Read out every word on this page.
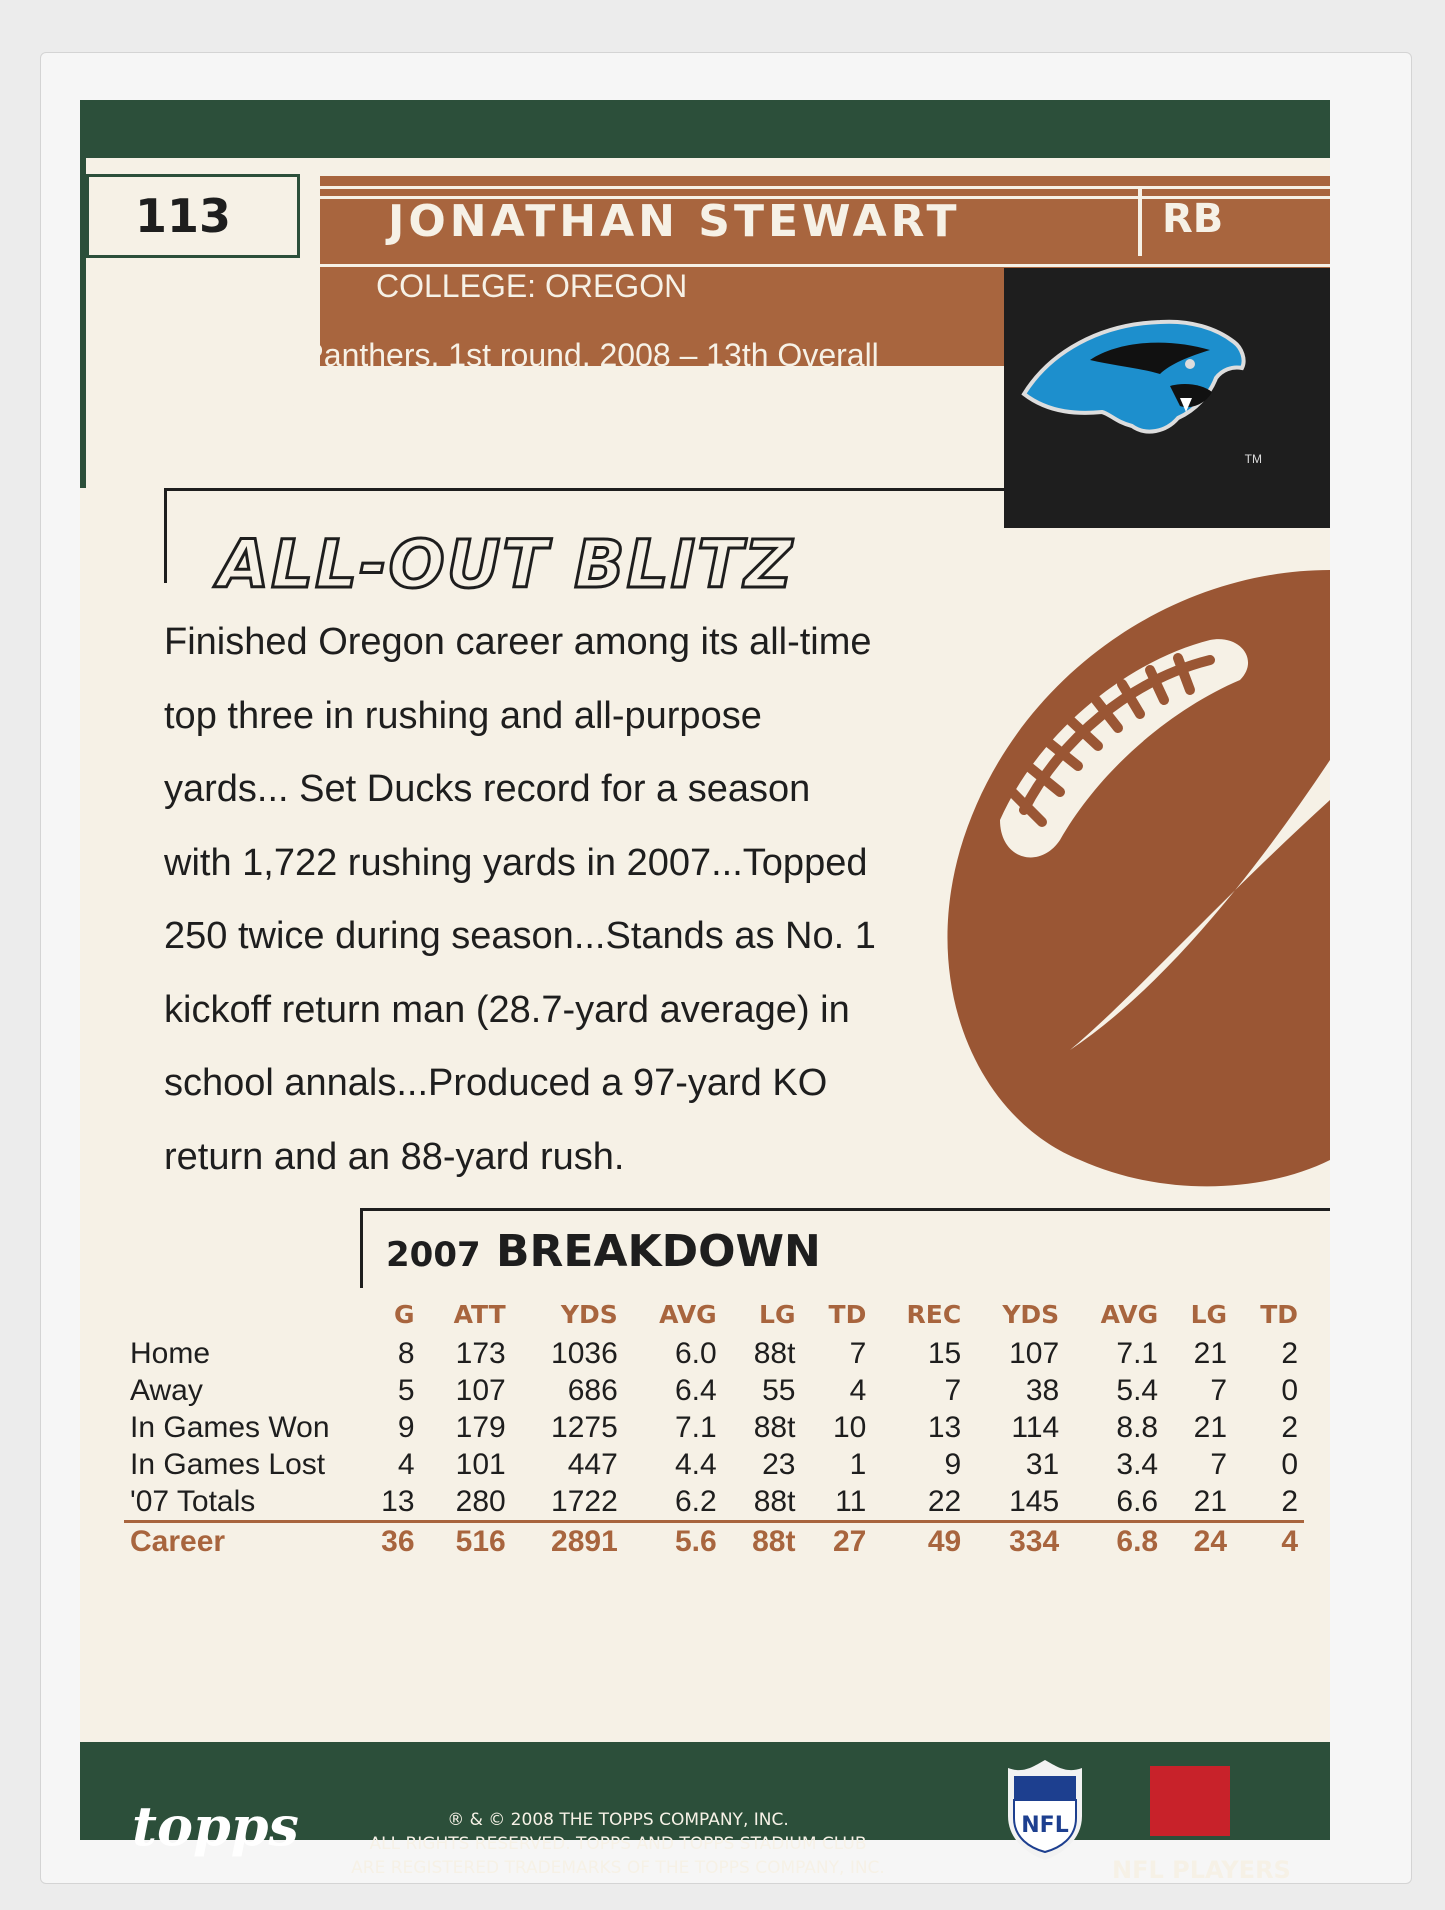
113	JONATHAN STEWART	RB
COLLEGE: OREGON
DRAFTED: Panthers, 1st round, 2008 – 13th Overall
ACQUIRED: Via Draft
TM
ALL-OUT BLITZ

Finished Oregon career among its all-time top three in rushing and all-purpose yards... Set Ducks record for a season with 1,722 rushing yards in 2007...Topped 250 twice during season...Stands as No. 1 kickoff return man (28.7-yard average) in school annals...Produced a 97-yard KO return and an 88-yard rush.

2007 BREAKDOWN
	G	ATT	YDS	AVG	LG	TD	REC	YDS	AVG	LG	TD
Home	8	173	1036	6.0	88t	7	15	107	7.1	21	2
Away	5	107	686	6.4	55	4	7	38	5.4	7	0
In Games Won	9	179	1275	7.1	88t	10	13	114	8.8	21	2
In Games Lost	4	101	447	4.4	23	1	9	31	3.4	7	0
'07 Totals	13	280	1722	6.2	88t	11	22	145	6.6	21	2
Career	36	516	2891	5.6	88t	27	49	334	6.8	24	4
topps	® & © 2008 THE TOPPS COMPANY, INC.
ALL RIGHTS RESERVED. TOPPS AND TOPPS STADIUM CLUB
ARE REGISTERED TRADEMARKS OF THE TOPPS COMPANY, INC.

NFL
NFL PLAYERS
